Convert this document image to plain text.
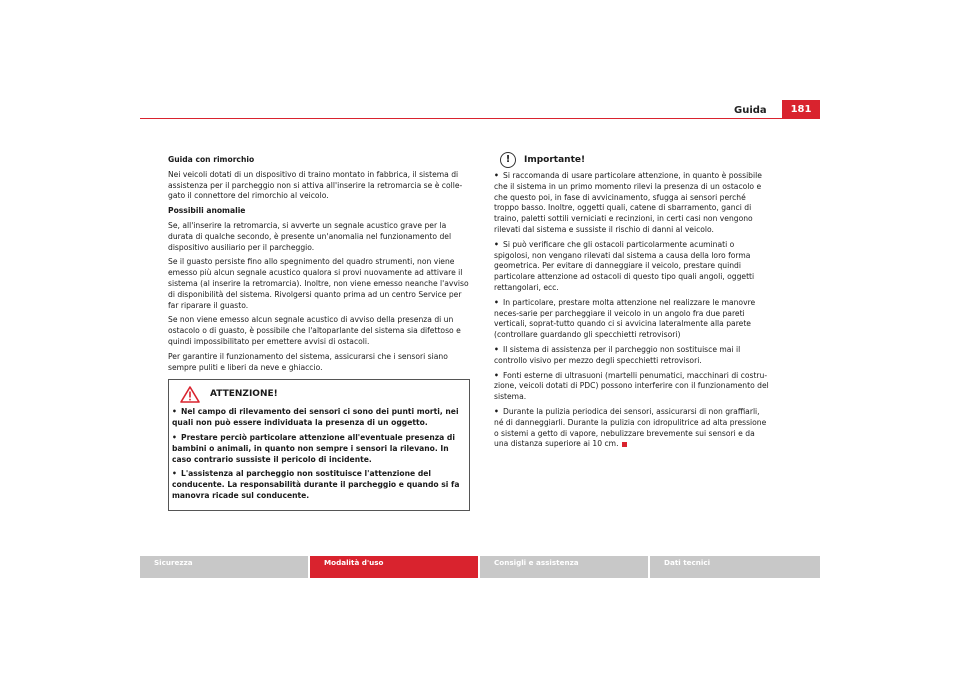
Guida	181

Guida con rimorchio

Nei veicoli dotati di un dispositivo di traino montato in fabbrica, il sistema di assistenza per il parcheggio non si attiva all'inserire la retromarcia se è colle-gato il connettore del rimorchio al veicolo.

Possibili anomalie

Se, all'inserire la retromarcia, si avverte un segnale acustico grave per la durata di qualche secondo, è presente un'anomalia nel funzionamento del dispositivo ausiliario per il parcheggio.

Se il guasto persiste fino allo spegnimento del quadro strumenti, non viene emesso più alcun segnale acustico qualora si provi nuovamente ad attivare il sistema (al inserire la retromarcia). Inoltre, non viene emesso neanche l'avviso di disponibilità del sistema. Rivolgersi quanto prima ad un centro Service per far riparare il guasto.

Se non viene emesso alcun segnale acustico di avviso della presenza di un ostacolo o di guasto, è possibile che l'altoparlante del sistema sia difettoso e quindi impossibilitato per emettere avvisi di ostacoli.

Per garantire il funzionamento del sistema, assicurarsi che i sensori siano sempre puliti e liberi da neve e ghiaccio.

ATTENZIONE!

• Nel campo di rilevamento dei sensori ci sono dei punti morti, nei quali non può essere individuata la presenza di un oggetto.

• Prestare perciò particolare attenzione all'eventuale presenza di bambini o animali, in quanto non sempre i sensori la rilevano. In caso contrario sussiste il pericolo di incidente.

• L'assistenza al parcheggio non sostituisce l'attenzione del conducente. La responsabilità durante il parcheggio e quando si fa manovra ricade sul conducente.

!
Importante!

• Si raccomanda di usare particolare attenzione, in quanto è possibile che il sistema in un primo momento rilevi la presenza di un ostacolo e che questo poi, in fase di avvicinamento, sfugga ai sensori perché troppo basso. Inoltre, oggetti quali, catene di sbarramento, ganci di traino, paletti sottili verniciati e recinzioni, in certi casi non vengono rilevati dal sistema e sussiste il rischio di danni al veicolo.

• Si può verificare che gli ostacoli particolarmente acuminati o spigolosi, non vengano rilevati dal sistema a causa della loro forma geometrica. Per evitare di danneggiare il veicolo, prestare quindi particolare attenzione ad ostacoli di questo tipo quali angoli, oggetti rettangolari, ecc.

• In particolare, prestare molta attenzione nel realizzare le manovre neces-sarie per parcheggiare il veicolo in un angolo fra due pareti verticali, soprat-tutto quando ci si avvicina lateralmente alla parete (controllare guardando gli specchietti retrovisori)

• Il sistema di assistenza per il parcheggio non sostituisce mai il controllo visivo per mezzo degli specchietti retrovisori.

• Fonti esterne di ultrasuoni (martelli penumatici, macchinari di costru-zione, veicoli dotati di PDC) possono interferire con il funzionamento del sistema.

• Durante la pulizia periodica dei sensori, assicurarsi di non graffiarli, né di danneggiarli. Durante la pulizia con idropulitrice ad alta pressione o sistemi a getto di vapore, nebulizzare brevemente sui sensori e da una distanza superiore ai 10 cm.

Sicurezza	Modalità d'uso	Consigli e assistenza	Dati tecnici
